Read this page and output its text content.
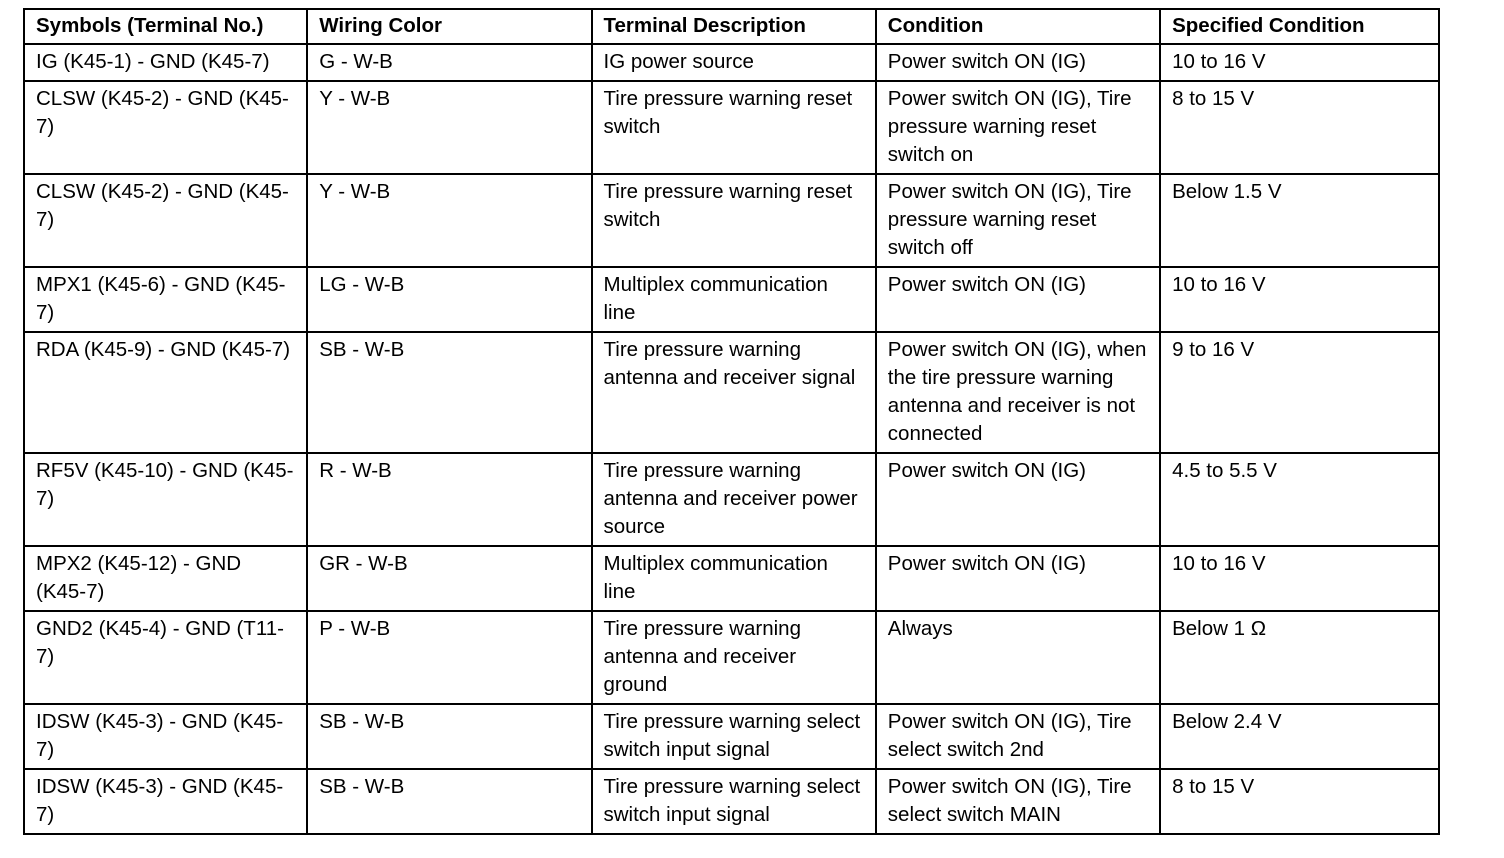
Symbols (Terminal No.)	Wiring Color	Terminal Description	Condition	Specified Condition
IG (K45-1) - GND (K45-7)	G - W-B	IG power source	Power switch ON (IG)	10 to 16 V
CLSW (K45-2) - GND (K45-7)	Y - W-B	Tire pressure warning reset switch	Power switch ON (IG), Tire pressure warning reset switch on	8 to 15 V
CLSW (K45-2) - GND (K45-7)	Y - W-B	Tire pressure warning reset switch	Power switch ON (IG), Tire pressure warning reset switch off	Below 1.5 V
MPX1 (K45-6) - GND (K45-7)	LG - W-B	Multiplex communication line	Power switch ON (IG)	10 to 16 V
RDA (K45-9) - GND (K45-7)	SB - W-B	Tire pressure warning antenna and receiver signal	Power switch ON (IG), when the tire pressure warning antenna and receiver is not connected	9 to 16 V
RF5V (K45-10) - GND (K45-7)	R - W-B	Tire pressure warning antenna and receiver power source	Power switch ON (IG)	4.5 to 5.5 V
MPX2 (K45-12) - GND (K45-7)	GR - W-B	Multiplex communication line	Power switch ON (IG)	10 to 16 V
GND2 (K45-4) - GND (T11-7)	P - W-B	Tire pressure warning antenna and receiver ground	Always	Below 1 Ω
IDSW (K45-3) - GND (K45-7)	SB - W-B	Tire pressure warning select switch input signal	Power switch ON (IG), Tire select switch 2nd	Below 2.4 V
IDSW (K45-3) - GND (K45-7)	SB - W-B	Tire pressure warning select switch input signal	Power switch ON (IG), Tire select switch MAIN	8 to 15 V
